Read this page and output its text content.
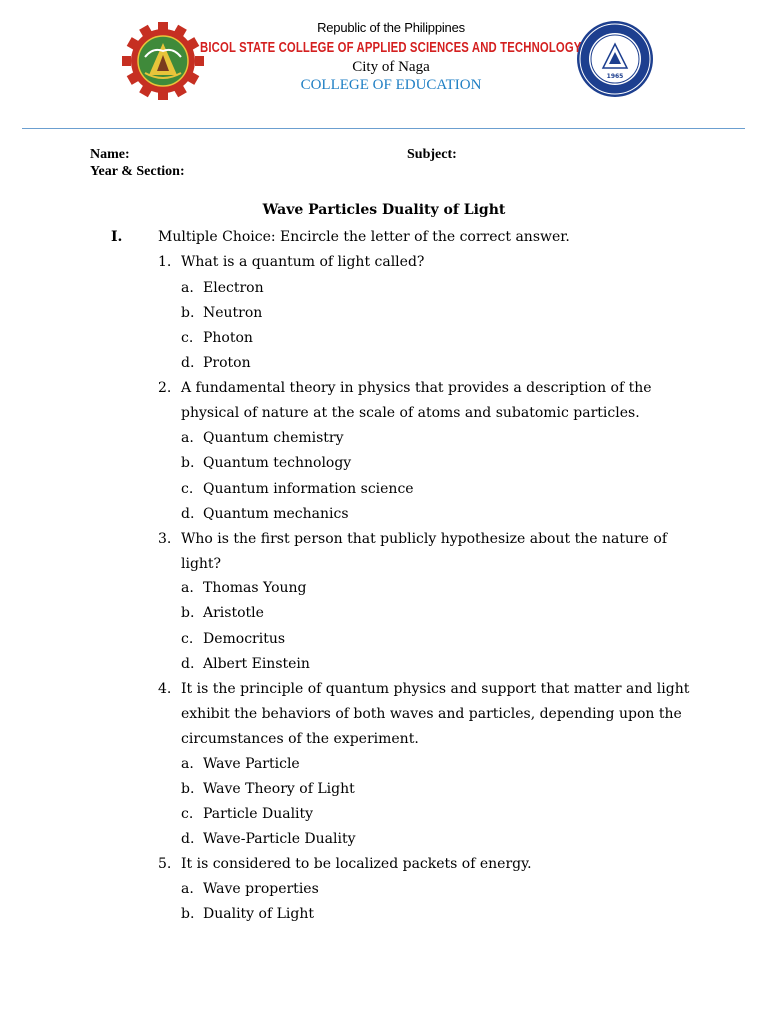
1965
Republic of the Philippines
BICOL STATE COLLEGE OF APPLIED SCIENCES AND TECHNOLOGY
City of Naga
COLLEGE OF EDUCATION
Name:	Subject:
Year & Section:
Wave Particles Duality of Light
I.	Multiple Choice: Encircle the letter of the correct answer.
1. What is a quantum of light called?
a. Electron
b. Neutron
c. Photon
d. Proton
2. A fundamental theory in physics that provides a description of the
physical of nature at the scale of atoms and subatomic particles.
a. Quantum chemistry
b. Quantum technology
c. Quantum information science
d. Quantum mechanics
3. Who is the first person that publicly hypothesize about the nature of
light?
a. Thomas Young
b. Aristotle
c. Democritus
d. Albert Einstein
4. It is the principle of quantum physics and support that matter and light
exhibit the behaviors of both waves and particles, depending upon the
circumstances of the experiment.
a. Wave Particle
b. Wave Theory of Light
c. Particle Duality
d. Wave-Particle Duality
5. It is considered to be localized packets of energy.
a. Wave properties
b. Duality of Light
